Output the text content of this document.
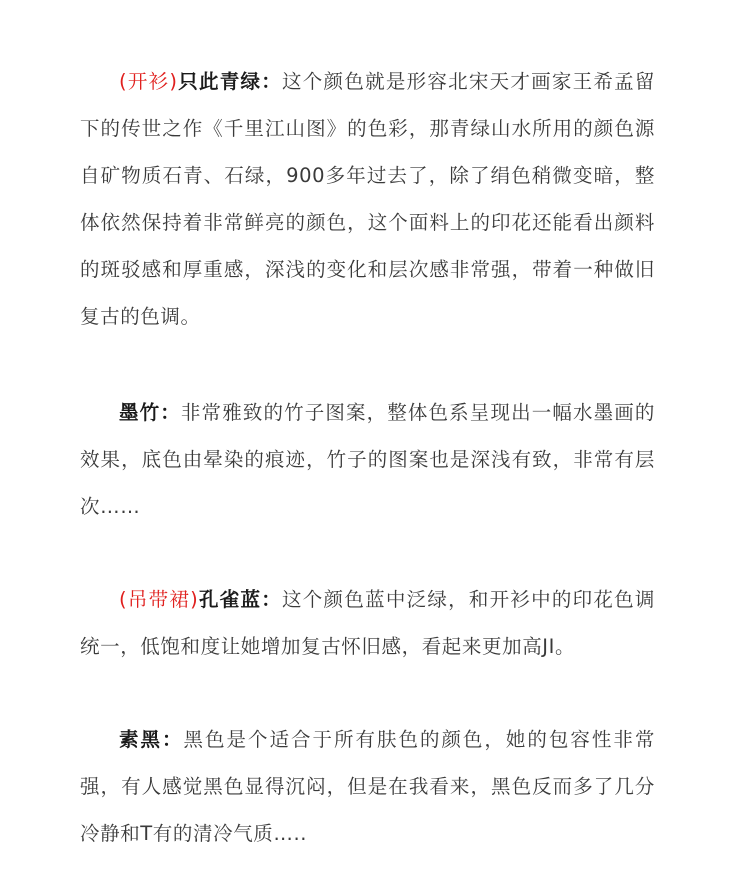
(开衫)只此青绿：这个颜色就是形容北宋天才画家王希孟留下的传世之作《千里江山图》的色彩，那青绿山水所用的颜色源自矿物质石青、石绿，900多年过去了，除了绢色稍微变暗，整体依然保持着非常鲜亮的颜色，这个面料上的印花还能看出颜料的斑驳感和厚重感，深浅的变化和层次感非常强，带着一种做旧复古的色调。

墨竹：非常雅致的竹子图案，整体色系呈现出一幅水墨画的效果，底色由晕染的痕迹，竹子的图案也是深浅有致，非常有层次……

(吊带裙)孔雀蓝：这个颜色蓝中泛绿，和开衫中的印花色调统一，低饱和度让她增加复古怀旧感，看起来更加高JI。

素黑：黑色是个适合于所有肤色的颜色，她的包容性非常强，有人感觉黑色显得沉闷，但是在我看来，黑色反而多了几分冷静和T有的清冷气质…..
